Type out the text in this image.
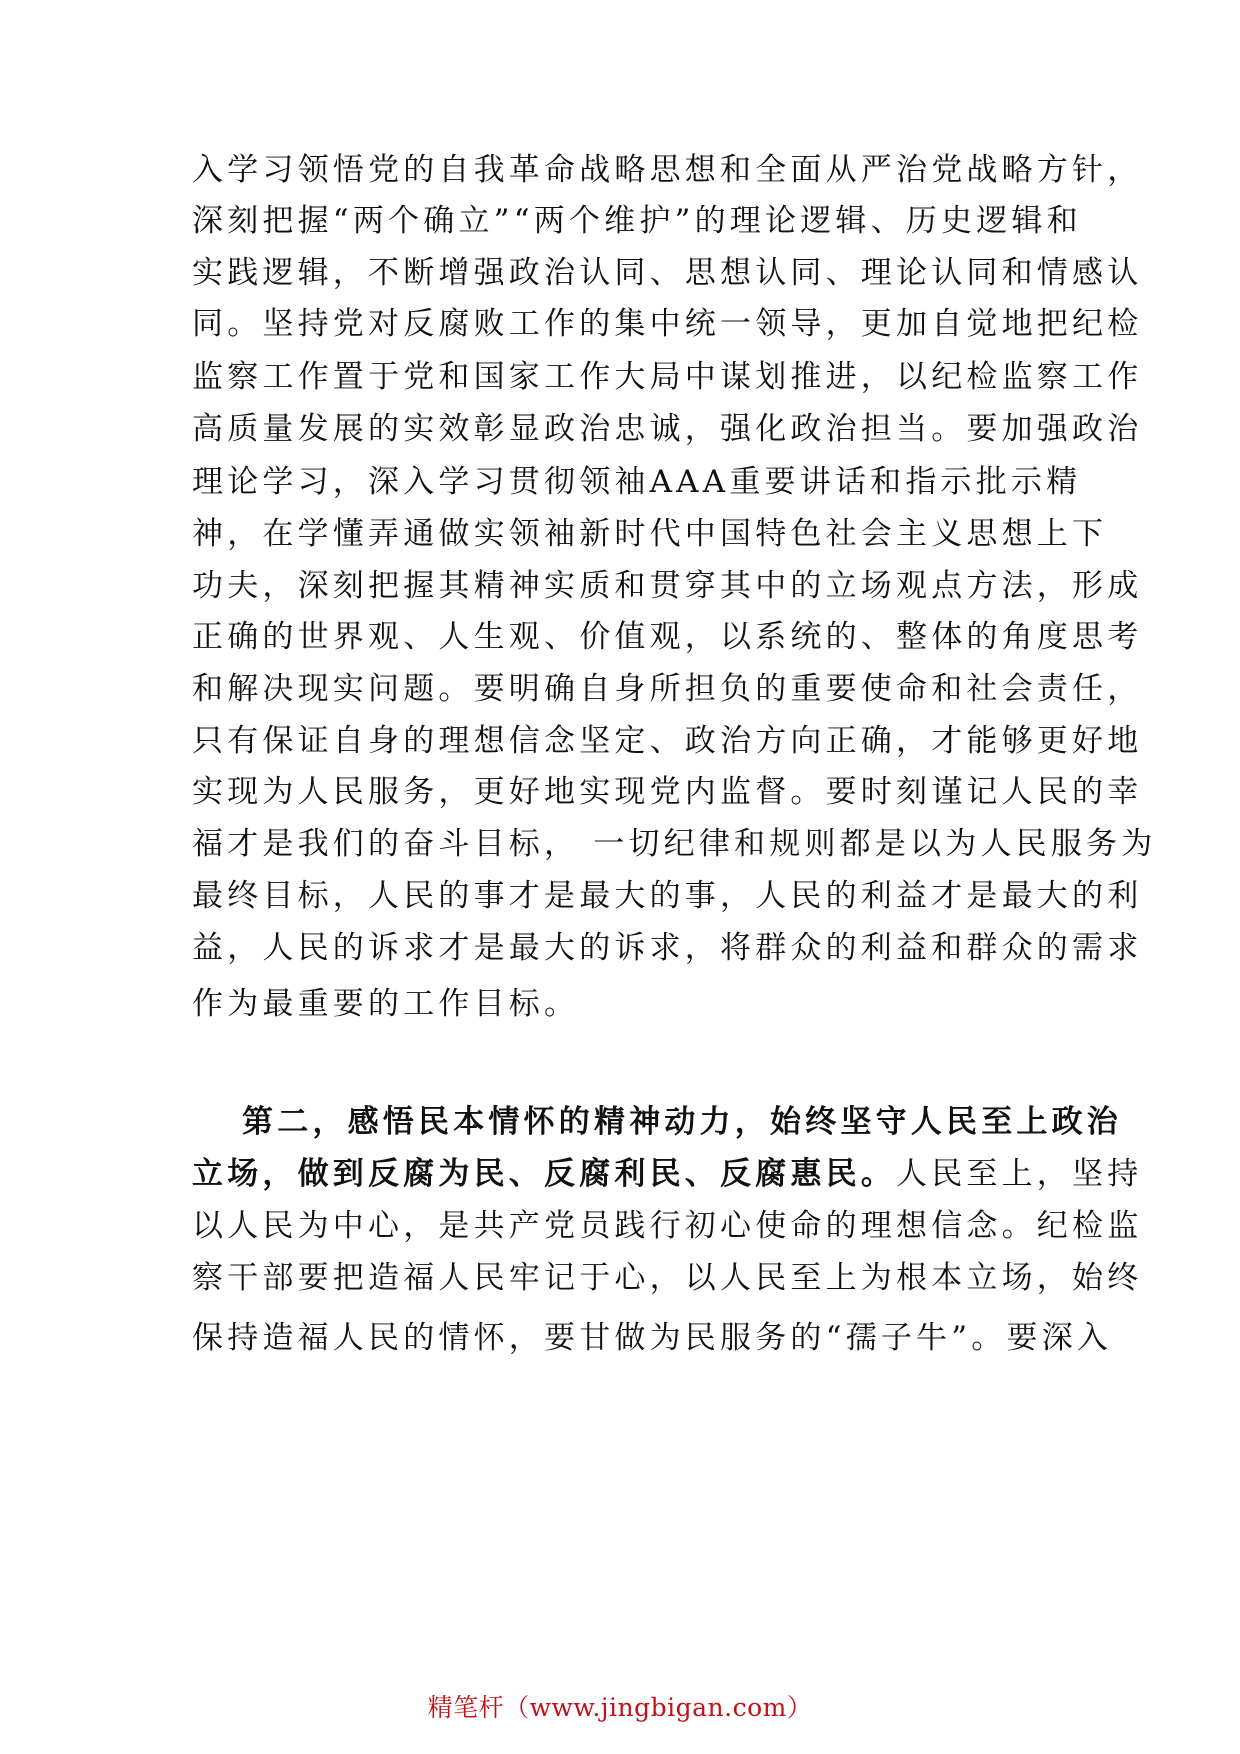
入学习领悟党的自我革命战略思想和全面从严治党战略方针，
深刻把握“两个确立”“两个维护”的理论逻辑、历史逻辑和
实践逻辑，不断增强政治认同、思想认同、理论认同和情感认
同。坚持党对反腐败工作的集中统一领导，更加自觉地把纪检
监察工作置于党和国家工作大局中谋划推进，以纪检监察工作
高质量发展的实效彰显政治忠诚，强化政治担当。要加强政治
理论学习，深入学习贯彻领袖AAA重要讲话和指示批示精
神，在学懂弄通做实领袖新时代中国特色社会主义思想上下
功夫，深刻把握其精神实质和贯穿其中的立场观点方法，形成
正确的世界观、人生观、价值观，以系统的、整体的角度思考
和解决现实问题。要明确自身所担负的重要使命和社会责任，
只有保证自身的理想信念坚定、政治方向正确，才能够更好地
实现为人民服务，更好地实现党内监督。要时刻谨记人民的幸
福才是我们的奋斗目标， 一切纪律和规则都是以为人民服务为
最终目标，人民的事才是最大的事，人民的利益才是最大的利
益，人民的诉求才是最大的诉求，将群众的利益和群众的需求
作为最重要的工作目标。
第二，感悟民本情怀的精神动力，始终坚守人民至上政治
立场，做到反腐为民、反腐利民、反腐惠民。人民至上，坚持
以人民为中心，是共产党员践行初心使命的理想信念。纪检监
察干部要把造福人民牢记于心，以人民至上为根本立场，始终
保持造福人民的情怀，要甘做为民服务的“孺子牛”。要深入
精笔杆（www.jingbigan.com）
